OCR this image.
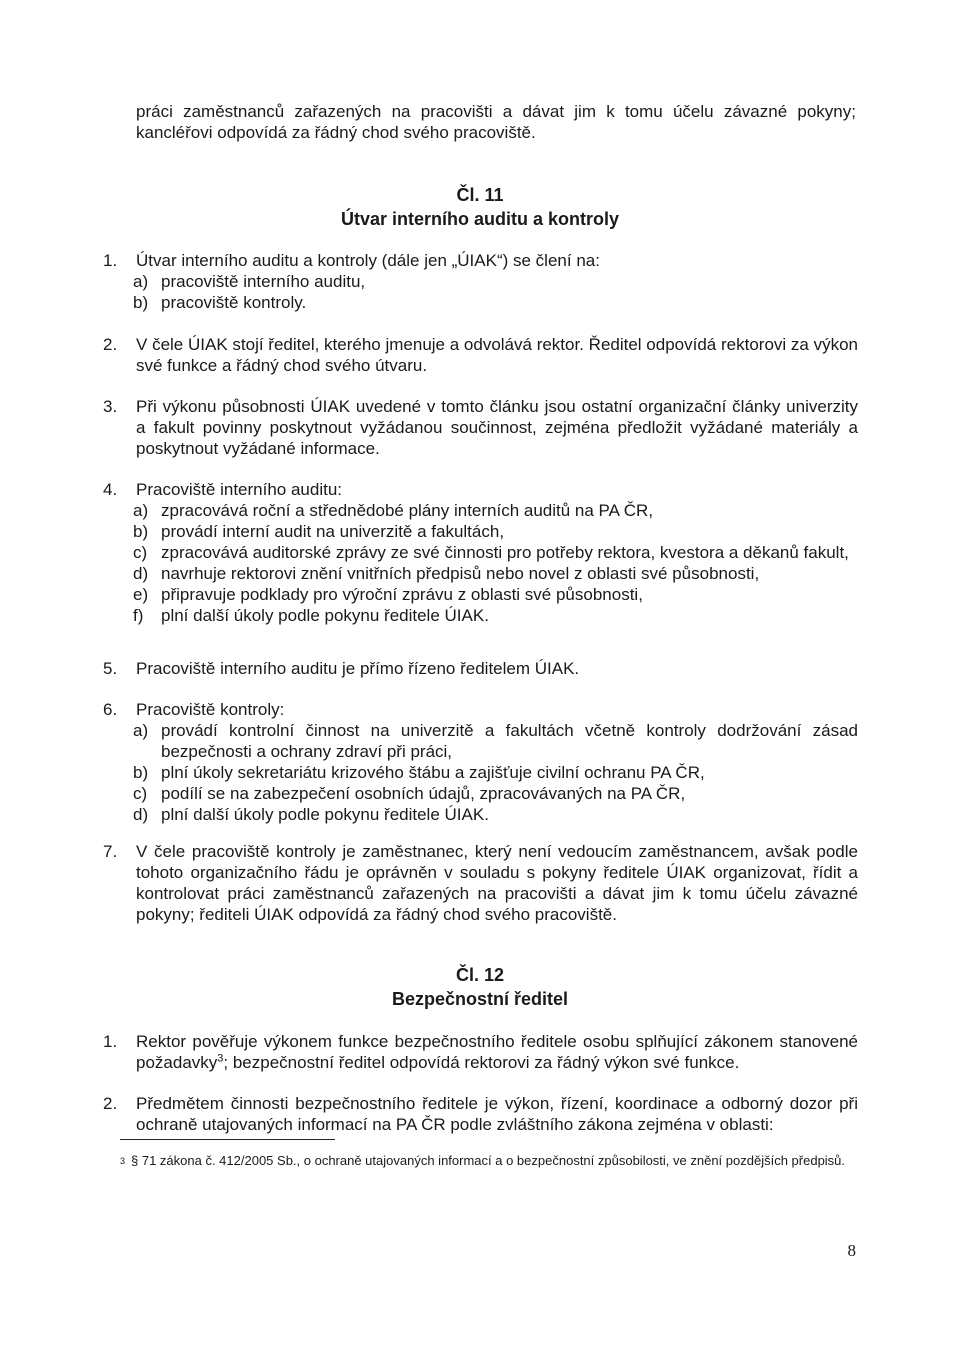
práci zaměstnanců zařazených na pracovišti a dávat jim k tomu účelu závazné pokyny; kancléřovi odpovídá za řádný chod svého pracoviště.

Čl. 11
Útvar interního auditu a kontroly
1.	Útvar interního auditu a kontroly (dále jen „ÚIAK“) se člení na:

a) pracoviště interního auditu,
b) pracoviště kontroly.
2.	V čele ÚIAK stojí ředitel, kterého jmenuje a odvolává rektor. Ředitel odpovídá rektorovi za výkon své funkce a řádný chod svého útvaru.

3.	Při výkonu působnosti ÚIAK uvedené v tomto článku jsou ostatní organizační články univerzity a fakult povinny poskytnout vyžádanou součinnost, zejména předložit vyžádané materiály a poskytnout vyžádané informace.

4.	Pracoviště interního auditu:

a) zpracovává roční a střednědobé plány interních auditů na PA ČR,
b) provádí interní audit na univerzitě a fakultách,
c) zpracovává auditorské zprávy ze své činnosti pro potřeby rektora, kvestora a děkanů fakult,
d) navrhuje rektorovi znění vnitřních předpisů nebo novel z oblasti své působnosti,
e) připravuje podklady pro výroční zprávu z oblasti své působnosti,
f) plní další úkoly podle pokynu ředitele ÚIAK.
5.	Pracoviště interního auditu je přímo řízeno ředitelem ÚIAK.

6.	Pracoviště kontroly:

a) provádí kontrolní činnost na univerzitě a fakultách včetně kontroly dodržování zásad bezpečnosti a ochrany zdraví při práci,
b) plní úkoly sekretariátu krizového štábu a zajišťuje civilní ochranu PA ČR,
c) podílí se na zabezpečení osobních údajů, zpracovávaných na PA ČR,
d) plní další úkoly podle pokynu ředitele ÚIAK.
7.	V čele pracoviště kontroly je zaměstnanec, který není vedoucím zaměstnancem, avšak podle tohoto organizačního řádu je oprávněn v souladu s pokyny ředitele ÚIAK organizovat, řídit a kontrolovat práci zaměstnanců zařazených na pracovišti a dávat jim k tomu účelu závazné pokyny; řediteli ÚIAK odpovídá za řádný chod svého pracoviště.

Čl. 12
Bezpečnostní ředitel
1.	Rektor pověřuje výkonem funkce bezpečnostního ředitele osobu splňující zákonem stanovené požadavky$^3$; bezpečnostní ředitel odpovídá rektorovi za řádný výkon své funkce.

2.	Předmětem činnosti bezpečnostního ředitele je výkon, řízení, koordinace a odborný dozor při ochraně utajovaných informací na PA ČR podle zvláštního zákona zejména v oblasti:

$^3$ § 71 zákona č. 412/2005 Sb., o ochraně utajovaných informací a o bezpečnostní způsobilosti, ve znění pozdějších předpisů.
8
